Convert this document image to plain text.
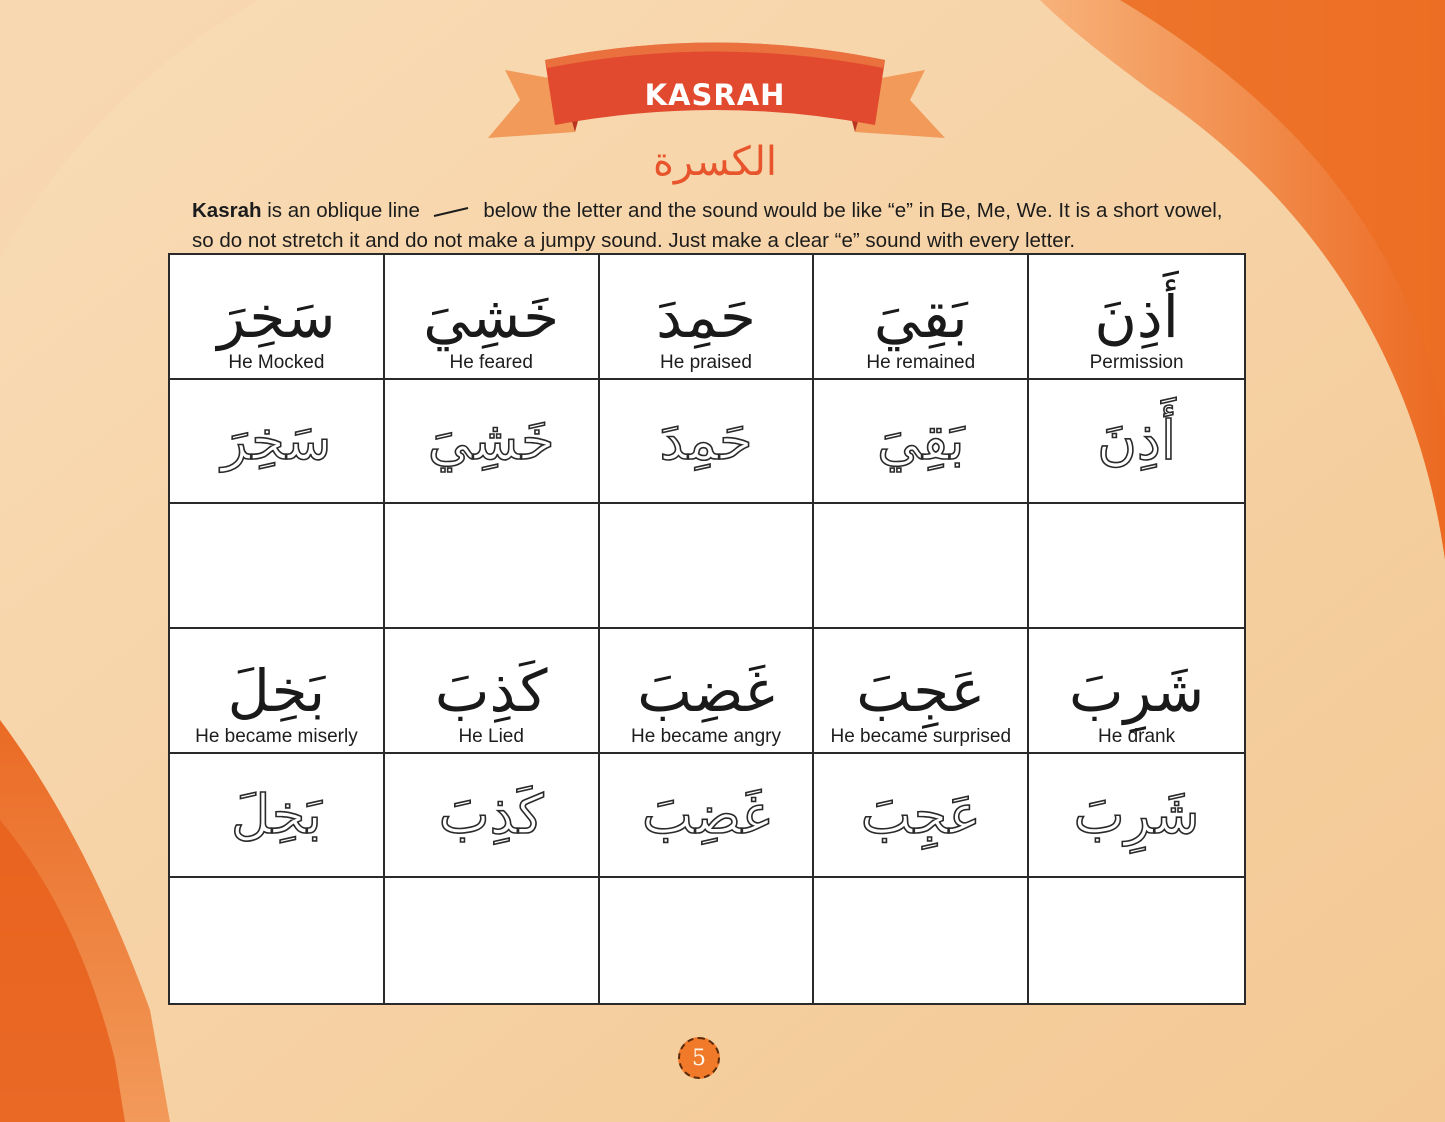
KASRAH
الكسرة
Kasrah is an oblique line	below the letter and the sound would be like “e” in Be, Me, We. It is a short vowel, so do not stretch it and do not make a jumpy sound. Just make a clear “e” sound with every letter.
سَخِرَ
He Mocked
خَشِيَ
He feared
حَمِدَ
He praised
بَقِيَ
He remained
أَذِنَ
Permission
سَخِرَ خَشِيَ حَمِدَ بَقِيَ أَذِنَ
بَخِلَ
He became miserly
كَذِبَ
He Lied
غَضِبَ
He became angry
عَجِبَ
He became surprised
شَرِبَ
He drank
بَخِلَ كَذِبَ غَضِبَ عَجِبَ شَرِبَ
5
